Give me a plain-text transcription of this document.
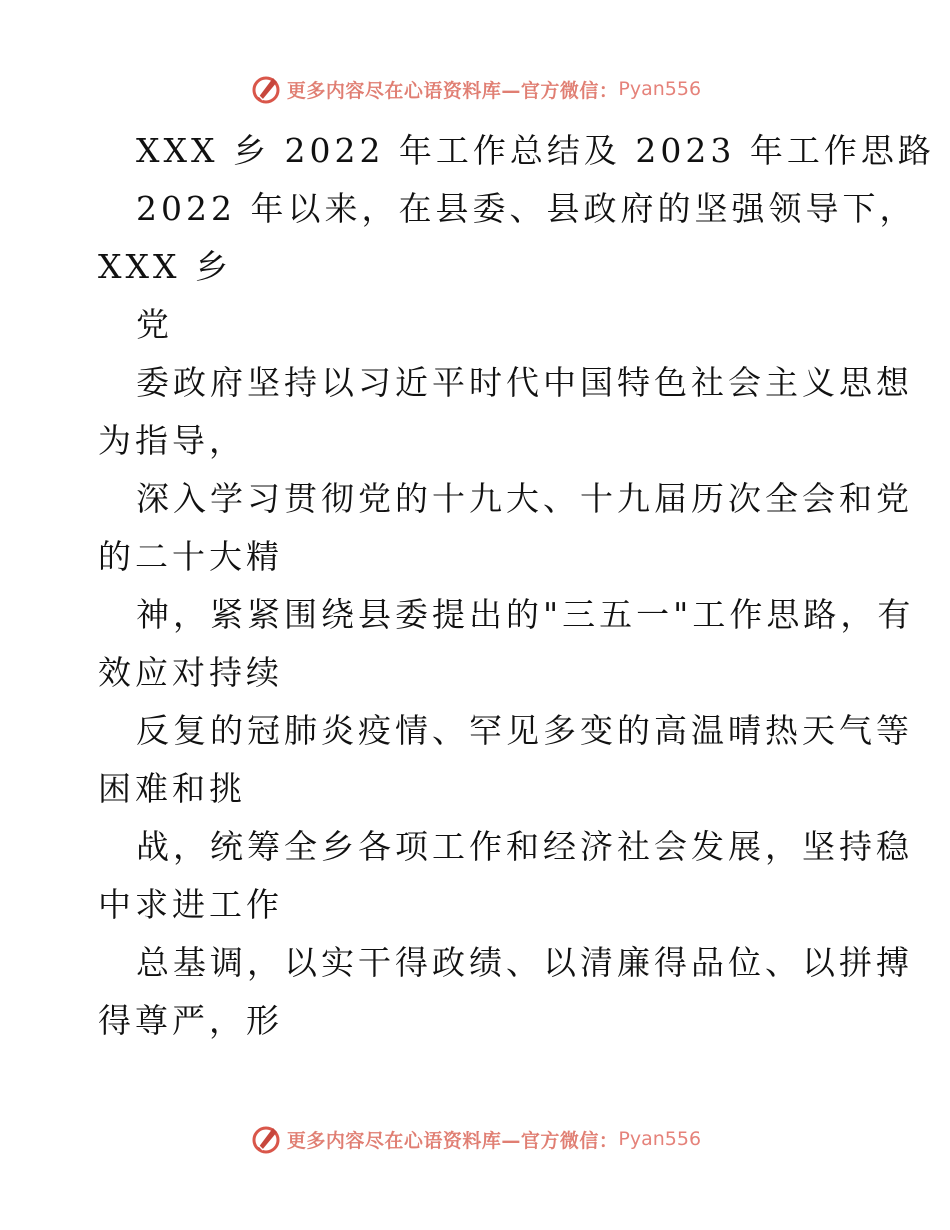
更多内容尽在心语资料库—官方微信： Pyan556
XXX 乡 2022 年工作总结及 2023 年工作思路
2022 年以来，在县委、县政府的坚强领导下，
XXX 乡
党
委政府坚持以习近平时代中国特色社会主义思想
为指导，
深入学习贯彻党的十九大、十九届历次全会和党
的二十大精
神，紧紧围绕县委提出的"三五一"工作思路，有
效应对持续
反复的冠肺炎疫情、罕见多变的高温晴热天气等
困难和挑
战，统筹全乡各项工作和经济社会发展，坚持稳
中求进工作
总基调，以实干得政绩、以清廉得品位、以拼搏
得尊严，形
更多内容尽在心语资料库—官方微信： Pyan556
